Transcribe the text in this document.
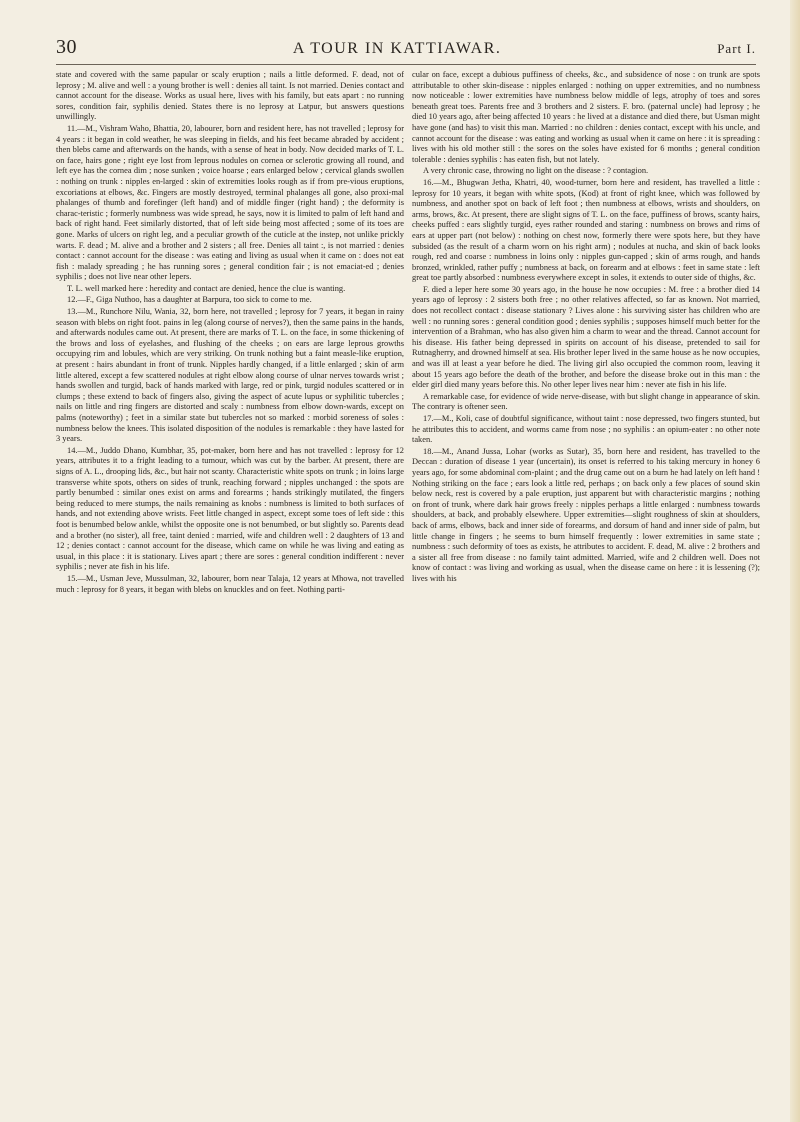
30	A TOUR IN KATTIAWAR.	Part I.

state and covered with the same papular or scaly eruption ; nails a little deformed. F. dead, not of leprosy ; M. alive and well : a young brother is well : denies all taint. Is not married. Denies contact and cannot account for the disease. Works as usual here, lives with his family, but eats apart : no running sores, condition fair, syphilis denied. States there is no leprosy at Latpur, but answers questions unwillingly.

11.—M., Vishram Waho, Bhattia, 20, labourer, born and resident here, has not travelled ; leprosy for 4 years : it began in cold weather, he was sleeping in fields, and his feet became abraded by accident ; then blebs came and afterwards on the hands, with a sense of heat in body. Now decided marks of T. L. on face, hairs gone ; right eye lost from leprous nodules on cornea or sclerotic growing all round, and left eye has the cornea dim ; nose sunken ; voice hoarse ; ears enlarged below ; cervical glands swollen : nothing on trunk : nipples en-larged : skin of extremities looks rough as if from pre-vious eruptions, excoriations at elbows, &c. Fingers are mostly destroyed, terminal phalanges all gone, also proxi-mal phalanges of thumb and forefinger (left hand) and of middle finger (right hand) ; the deformity is charac-teristic ; formerly numbness was wide spread, he says, now it is limited to palm of left hand and back of right hand. Feet similarly distorted, that of left side being most affected ; some of its toes are gone. Marks of ulcers on right leg, and a peculiar growth of the cuticle at the instep, not unlike prickly warts. F. dead ; M. alive and a brother and 2 sisters ; all free. Denies all taint :, is not married : denies contact : cannot account for the disease : was eating and living as usual when it came on : does not eat fish : malady spreading ; he has running sores ; general condition fair ; is not emaciat-ed ; denies syphilis ; does not live near other lepers.

T. L. well marked here : heredity and contact are denied, hence the clue is wanting.

12.—F., Giga Nuthoo, has a daughter at Barpura, too sick to come to me.

13.—M., Runchore Nilu, Wania, 32, born here, not travelled ; leprosy for 7 years, it began in rainy season with blebs on right foot. pains in leg (along course of nerves?), then the same pains in the hands, and afterwards nodules came out. At present, there are marks of T. L. on the face, in some thickening of the brows and loss of eyelashes, and flushing of the cheeks ; on ears are large leprous growths occupying rim and lobules, which are very striking. On trunk nothing but a faint measle-like eruption, at present : hairs abundant in front of trunk. Nipples hardly changed, if a little enlarged ; skin of arm little altered, except a few scattered nodules at right elbow along course of ulnar nerves towards wrist ; hands swollen and turgid, back of hands marked with large, red or pink, turgid nodules scattered or in clumps ; these extend to back of fingers also, giving the aspect of acute lupus or syphilitic tubercles ; nails on little and ring fingers are distorted and scaly : numbness from elbow down-wards, except on palms (noteworthy) ; feet in a similar state but tubercles not so marked : morbid soreness of soles : numbness below the knees. This isolated disposition of the nodules is remarkable : they have lasted for 3 years.

14.—M., Juddo Dhano, Kumbhar, 35, pot-maker, born here and has not travelled : leprosy for 12 years, attributes it to a fright leading to a tumour, which was cut by the barber. At present, there are signs of A. L., drooping lids, &c., but hair not scanty. Characteristic white spots on trunk ; in loins large transverse white spots, others on sides of trunk, reaching forward ; nipples unchanged : the spots are partly benumbed : similar ones exist on arms and forearms ; hands strikingly mutilated, the fingers being reduced to mere stumps, the nails remaining as knobs : numbness is limited to both surfaces of hands, and not extending above wrists. Feet little changed in aspect, except some toes of left side : this foot is benumbed below ankle, whilst the opposite one is not benumbed, or but slightly so. Parents dead and a brother (no sister), all free, taint denied : married, wife and children well : 2 daughters of 13 and 12 ; denies contact : cannot account for the disease, which came on while he was living and eating as usual, in this place : it is stationary. Lives apart ; there are sores : general condition indifferent : never syphilis ; never ate fish in his life.

15.—M., Usman Jeve, Mussulman, 32, labourer, born near Talaja, 12 years at Mhowa, not travelled much : leprosy for 8 years, it began with blebs on knuckles and on feet. Nothing parti-

cular on face, except a dubious puffiness of cheeks, &c., and subsidence of nose : on trunk are spots attributable to other skin-disease : nipples enlarged : nothing on upper extremities, and no numbness now noticeable : lower extremities have numbness below middle of legs, atrophy of toes and sores beneath great toes. Parents free and 3 brothers and 2 sisters. F. bro. (paternal uncle) had leprosy ; he died 10 years ago, after being affected 10 years : he lived at a distance and died there, but Usman might have gone (and has) to visit this man. Married : no children : denies contact, except with his uncle, and cannot account for the disease : was eating and working as usual when it came on here : it is spreading : lives with his old mother still : the sores on the soles have existed for 6 months ; general condition tolerable : denies syphilis : has eaten fish, but not lately.

A very chronic case, throwing no light on the disease : ? contagion.

16.—M., Bhugwan Jetha, Khatri, 40, wood-turner, born here and resident, has travelled a little : leprosy for 10 years, it began with white spots, (Kod) at front of right knee, which was followed by numbness, and another spot on back of left foot ; then numbness at elbows, wrists and shoulders, on arms, brows, &c. At present, there are slight signs of T. L. on the face, puffiness of brows, scanty hairs, cheeks puffed : ears slightly turgid, eyes rather rounded and staring : numbness on brows and rims of ears at upper part (not below) : nothing on chest now, formerly there were spots here, but they have subsided (as the result of a charm worn on his right arm) ; nodules at nucha, and skin of back looks rough, red and coarse : numbness in loins only : nipples gun-capped ; skin of arms rough, and hands bronzed, wrinkled, rather puffy ; numbness at back, on forearm and at elbows : feet in same state : left great toe partly absorbed : numbness everywhere except in soles, it extends to outer side of thighs, &c.

F. died a leper here some 30 years ago, in the house he now occupies : M. free : a brother died 14 years ago of leprosy : 2 sisters both free ; no other relatives affected, so far as known. Not married, does not recollect contact : disease stationary ? Lives alone : his surviving sister has children who are well : no running sores : general condition good ; denies syphilis ; supposes himself much better for the intervention of a Brahman, who has also given him a charm to wear and the thread. Cannot account for his disease. His father being depressed in spirits on account of his disease, pretended to sail for Rutnagherry, and drowned himself at sea. His brother leper lived in the same house as he now occupies, and was ill at least a year before he died. The living girl also occupied the common room, leaving it about 15 years ago before the death of the brother, and before the disease broke out in this man : the elder girl died many years before this. No other leper lives near him : never ate fish in his life.

A remarkable case, for evidence of wide nerve-disease, with but slight change in appearance of skin. The contrary is oftener seen.

17.—M., Koli, case of doubtful significance, without taint : nose depressed, two fingers stunted, but he attributes this to accident, and worms came from nose ; no syphilis : an opium-eater : no other note taken.

18.—M., Anand Jussa, Lohar (works as Sutar), 35, born here and resident, has travelled to the Deccan : duration of disease 1 year (uncertain), its onset is referred to his taking mercury in honey 6 years ago, for some abdominal com-plaint ; and the drug came out on a burn he had lately on left hand ! Nothing striking on the face ; ears look a little red, perhaps ; on back only a few places of sound skin below neck, rest is covered by a pale eruption, just apparent but with characteristic margins ; nothing on front of trunk, where dark hair grows freely : nipples perhaps a little enlarged : numbness towards shoulders, at back, and probably elsewhere. Upper extremities—slight roughness of skin at shoulders, back of arms, elbows, back and inner side of forearms, and dorsum of hand and inner side of palm, but little change in fingers ; he seems to burn himself frequently : lower extremities in same state ; numbness : such deformity of toes as exists, he attributes to accident. F. dead, M. alive : 2 brothers and a sister all free from disease : no family taint admitted. Married, wife and 2 children well. Does not know of contact : was living and working as usual, when the disease came on here : it is lessening (?); lives with his
